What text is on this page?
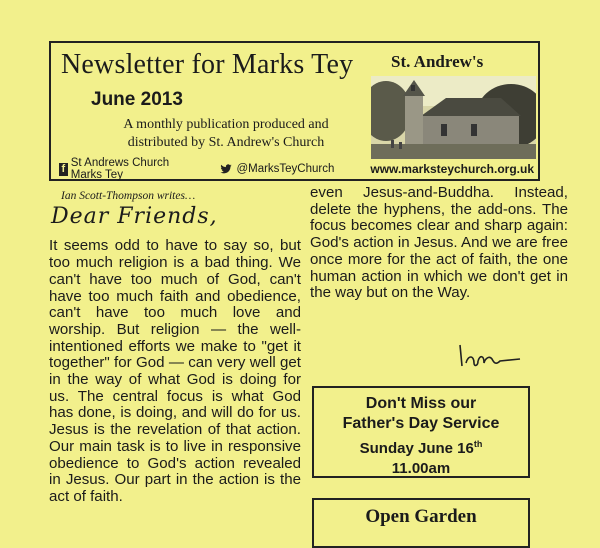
Newsletter for Marks Tey
June 2013
A monthly publication produced and
distributed by St. Andrew's Church
St. Andrew's
f St Andrews Church Marks Tey	@MarksTeyChurch	www.marksteychurch.org.uk
Ian Scott-Thompson writes…
Dear Friends,
It seems odd to have to say so, but too much religion is a bad thing. We can't have too much of God, can't have too much faith and obedience, can't have too much love and worship. But religion — the well-intentioned efforts we make to "get it together" for God — can very well get in the way of what God is doing for us. The central focus is what God has done, is doing, and will do for us. Jesus is the revelation of that action. Our main task is to live in responsive obedience to God's action revealed in Jesus. Our part in the action is the act of faith.
even Jesus-and-Buddha. Instead, delete the hyphens, the add-ons. The focus becomes clear and sharp again: God's action in Jesus. And we are free once more for the act of faith, the one human action in which we don't get in the way but on the Way.
Don't Miss our
Father's Day Service
Sunday June 16th
11.00am
Open Garden
